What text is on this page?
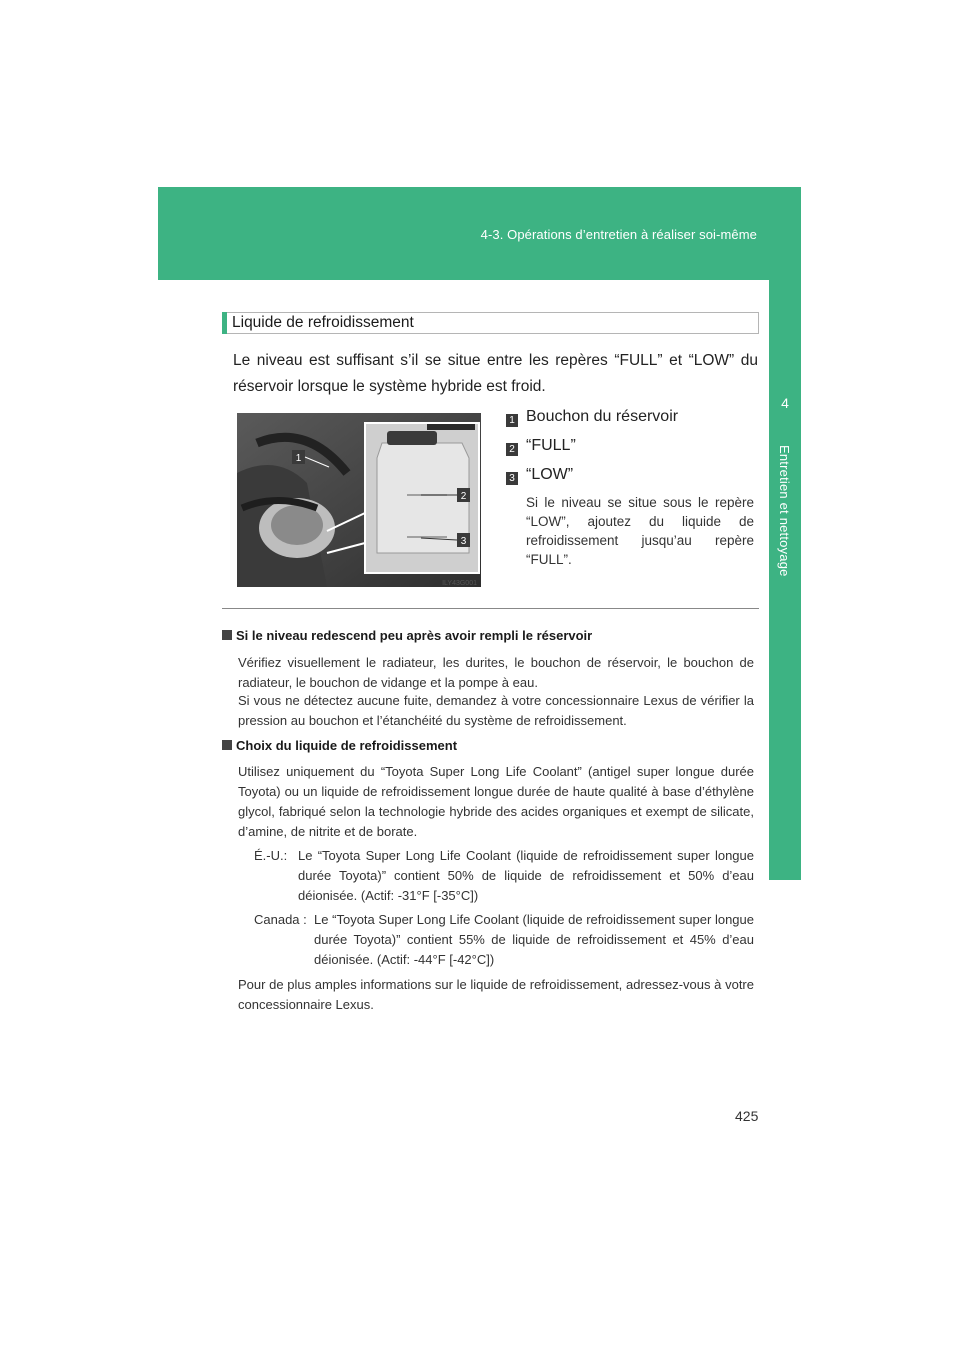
4-3. Opérations d’entretien à réaliser soi-même
4
Entretien et nettoyage
Liquide de refroidissement
Le niveau est suffisant s’il se situe entre les repères “FULL” et “LOW” du réservoir lorsque le système hybride est froid.
1
2
3
ILY43G001
1 Bouchon du réservoir
2 “FULL”
3 “LOW”
Si le niveau se situe sous le repère “LOW”, ajoutez du liquide de refroidissement jusqu’au repère “FULL”.
Si le niveau redescend peu après avoir rempli le réservoir
Vérifiez visuellement le radiateur, les durites, le bouchon de réservoir, le bouchon de radiateur, le bouchon de vidange et la pompe à eau.
Si vous ne détectez aucune fuite, demandez à votre concessionnaire Lexus de vérifier la pression au bouchon et l’étanchéité du système de refroidissement.
Choix du liquide de refroidissement
Utilisez uniquement du “Toyota Super Long Life Coolant” (antigel super longue durée Toyota) ou un liquide de refroidissement longue durée de haute qualité à base d’éthylène glycol, fabriqué selon la technologie hybride des acides organiques et exempt de silicate, d’amine, de nitrite et de borate.
É.-U.: Le “Toyota Super Long Life Coolant (liquide de refroidissement super longue durée Toyota)” contient 50% de liquide de refroidissement et 50% d’eau déionisée. (Actif: -31°F [-35°C])
Canada : Le “Toyota Super Long Life Coolant (liquide de refroidissement super longue durée Toyota)” contient 55% de liquide de refroidissement et 45% d’eau déionisée. (Actif: -44°F [-42°C])
Pour de plus amples informations sur le liquide de refroidissement, adressez-vous à votre concessionnaire Lexus.
425
